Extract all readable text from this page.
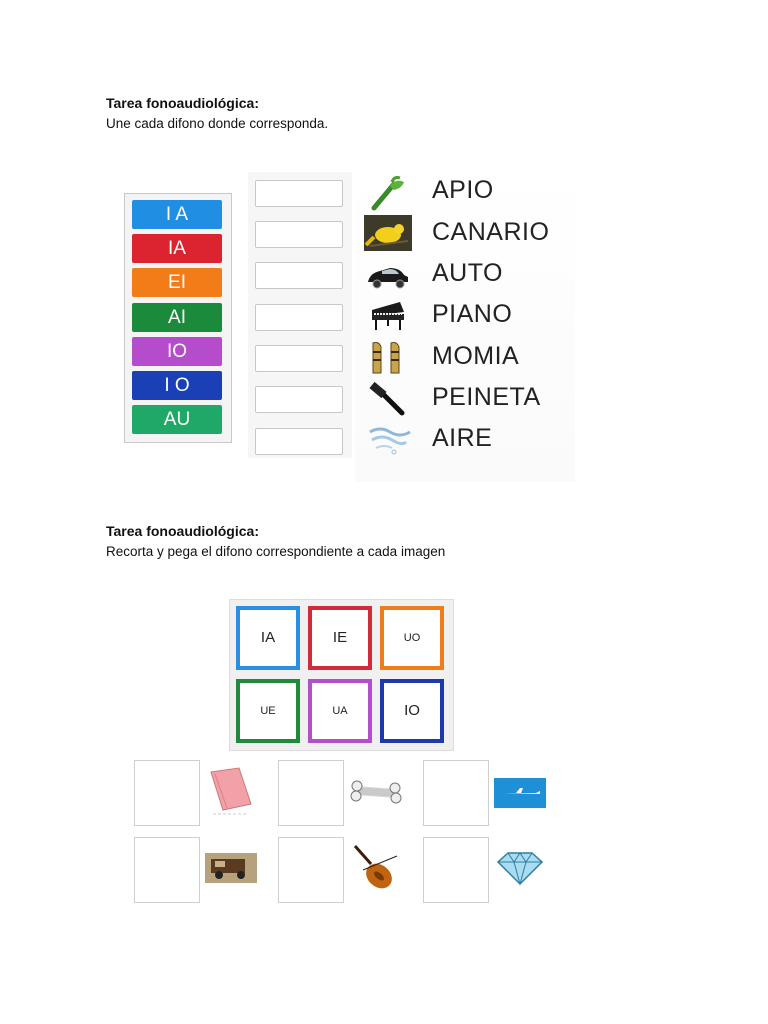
Tarea fonoaudiológica:
Une cada difono donde corresponda.
I A
IA
EI
AI
IO
I O
AU
APIO
CANARIO
AUTO
PIANO
MOMIA
PEINETA
AIRE
Tarea fonoaudiológica:
Recorta y pega el difono correspondiente a cada imagen
IA	IE	UO
UE	UA	IO
